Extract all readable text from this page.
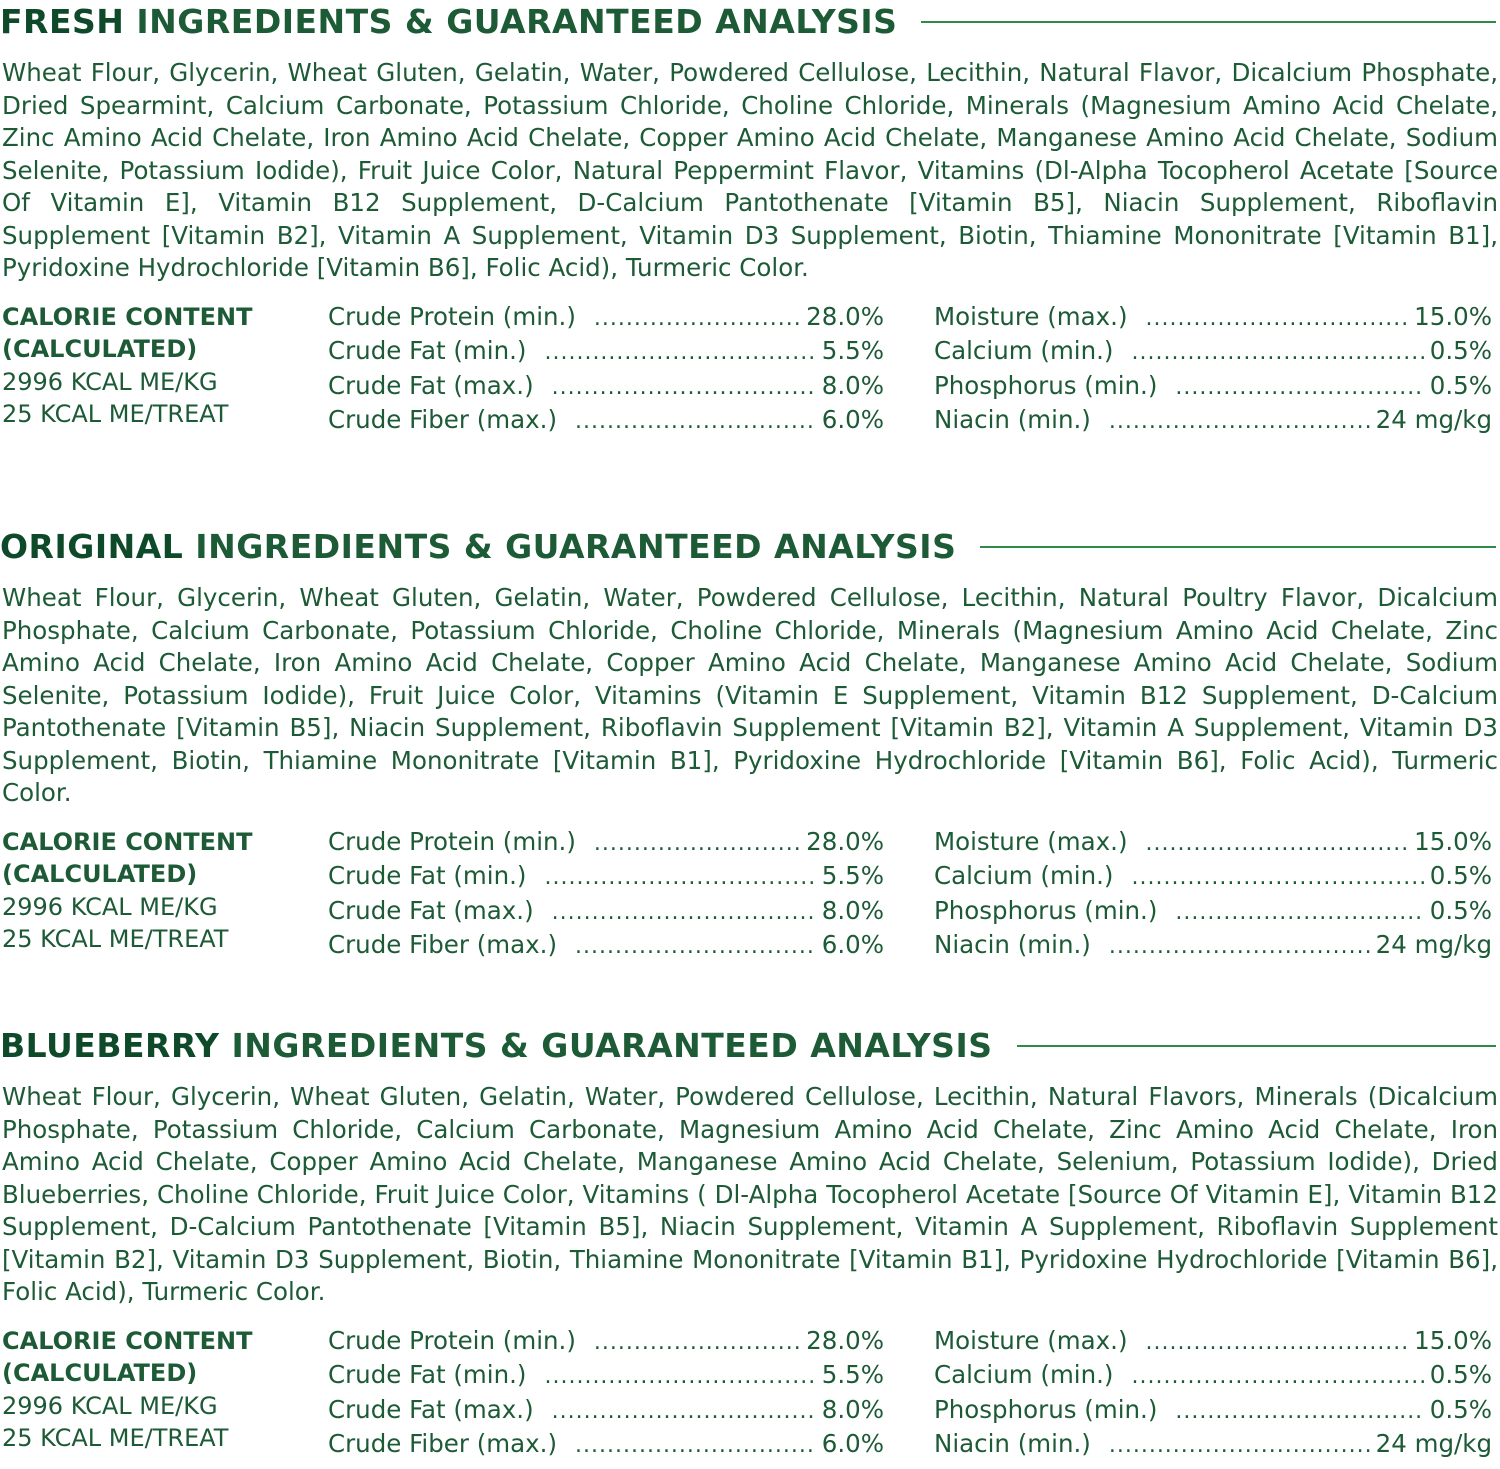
FRESH INGREDIENTS & GUARANTEED ANALYSIS
Wheat Flour, Glycerin, Wheat Gluten, Gelatin, Water, Powdered Cellulose, Lecithin, Natural Flavor, Dicalcium Phosphate, Dried Spearmint, Calcium Carbonate, Potassium Chloride, Choline Chloride, Minerals (Magnesium Amino Acid Chelate, Zinc Amino Acid Chelate, Iron Amino Acid Chelate, Copper Amino Acid Chelate, Manganese Amino Acid Chelate, Sodium Selenite, Potassium Iodide), Fruit Juice Color, Natural Peppermint Flavor, Vitamins (Dl-Alpha Tocopherol Acetate [Source Of Vitamin E], Vitamin B12 Supplement, D-Calcium Pantothenate [Vitamin B5], Niacin Supplement, Riboflavin Supplement [Vitamin B2], Vitamin A Supplement, Vitamin D3 Supplement, Biotin, Thiamine Mononitrate [Vitamin B1], Pyridoxine Hydrochloride [Vitamin B6], Folic Acid), Turmeric Color.
CALORIE CONTENT
(CALCULATED)
2996 KCAL ME/KG
25 KCAL ME/TREAT
Crude Protein (min.) .....	28.0%
Crude Fat (min.) .....	5.5%
Crude Fat (max.) .....	8.0%
Crude Fiber (max.) .....	6.0%
Moisture (max.) .....	15.0%
Calcium (min.) .....	0.5%
Phosphorus (min.) .....	0.5%
Niacin (min.) .....	24 mg/kg
ORIGINAL INGREDIENTS & GUARANTEED ANALYSIS
Wheat Flour, Glycerin, Wheat Gluten, Gelatin, Water, Powdered Cellulose, Lecithin, Natural Poultry Flavor, Dicalcium Phosphate, Calcium Carbonate, Potassium Chloride, Choline Chloride, Minerals (Magnesium Amino Acid Chelate, Zinc Amino Acid Chelate, Iron Amino Acid Chelate, Copper Amino Acid Chelate, Manganese Amino Acid Chelate, Sodium Selenite, Potassium Iodide), Fruit Juice Color, Vitamins (Vitamin E Supplement, Vitamin B12 Supplement, D-Calcium Pantothenate [Vitamin B5], Niacin Supplement, Riboflavin Supplement [Vitamin B2], Vitamin A Supplement, Vitamin D3 Supplement, Biotin, Thiamine Mononitrate [Vitamin B1], Pyridoxine Hydrochloride [Vitamin B6], Folic Acid), Turmeric Color.
CALORIE CONTENT
(CALCULATED)
2996 KCAL ME/KG
25 KCAL ME/TREAT
Crude Protein (min.) .....	28.0%
Crude Fat (min.) .....	5.5%
Crude Fat (max.) .....	8.0%
Crude Fiber (max.) .....	6.0%
Moisture (max.) .....	15.0%
Calcium (min.) .....	0.5%
Phosphorus (min.) .....	0.5%
Niacin (min.) .....	24 mg/kg
BLUEBERRY INGREDIENTS & GUARANTEED ANALYSIS
Wheat Flour, Glycerin, Wheat Gluten, Gelatin, Water, Powdered Cellulose, Lecithin, Natural Flavors, Minerals (Dicalcium Phosphate, Potassium Chloride, Calcium Carbonate, Magnesium Amino Acid Chelate, Zinc Amino Acid Chelate, Iron Amino Acid Chelate, Copper Amino Acid Chelate, Manganese Amino Acid Chelate, Selenium, Potassium Iodide), Dried Blueberries, Choline Chloride, Fruit Juice Color, Vitamins ( Dl-Alpha Tocopherol Acetate [Source Of Vitamin E], Vitamin B12 Supplement, D-Calcium Pantothenate [Vitamin B5], Niacin Supplement, Vitamin A Supplement, Riboflavin Supplement [Vitamin B2], Vitamin D3 Supplement, Biotin, Thiamine Mononitrate [Vitamin B1], Pyridoxine Hydrochloride [Vitamin B6], Folic Acid), Turmeric Color.
CALORIE CONTENT
(CALCULATED)
2996 KCAL ME/KG
25 KCAL ME/TREAT
Crude Protein (min.) .....	28.0%
Crude Fat (min.) .....	5.5%
Crude Fat (max.) .....	8.0%
Crude Fiber (max.) .....	6.0%
Moisture (max.) .....	15.0%
Calcium (min.) .....	0.5%
Phosphorus (min.) .....	0.5%
Niacin (min.) .....	24 mg/kg
